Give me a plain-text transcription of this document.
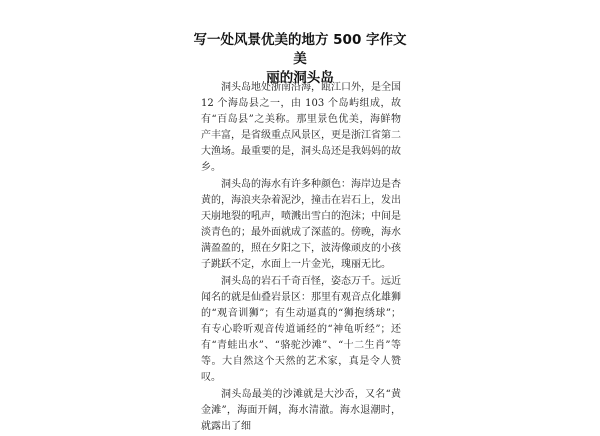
写一处风景优美的地方 500 字作文 美
丽的洞头岛

洞头岛地处浙南沿海，瓯江口外，是全国 12 个海岛县之一，由 103 个岛屿组成，故有“百岛县”之美称。那里景色优美，海鲜物产丰富，是省级重点风景区，更是浙江省第二大渔场。最重要的是，洞头岛还是我妈妈的故乡。

洞头岛的海水有许多种颜色：海岸边是杏黄的，海浪夹杂着泥沙，撞击在岩石上，发出天崩地裂的吼声，喷溅出雪白的泡沫；中间是淡青色的；最外面就成了深蓝的。傍晚，海水满盈盈的，照在夕阳之下，波涛像顽皮的小孩子跳跃不定，水面上一片金光，瑰丽无比。

洞头岛的岩石千奇百怪，姿态万千。远近闻名的就是仙叠岩景区：那里有观音点化雄狮的“观音训狮”；有生动逼真的“狮抱绣球”；有专心聆听观音传道诵经的“神龟听经”；还有“青蛙出水”、“骆驼沙滩”、“十二生肖”等等。大自然这个天然的艺术家，真是令人赞叹。

洞头岛最美的沙滩就是大沙岙，又名“黄金滩”，海面开阔，海水清澈。海水退潮时，就露出了细
